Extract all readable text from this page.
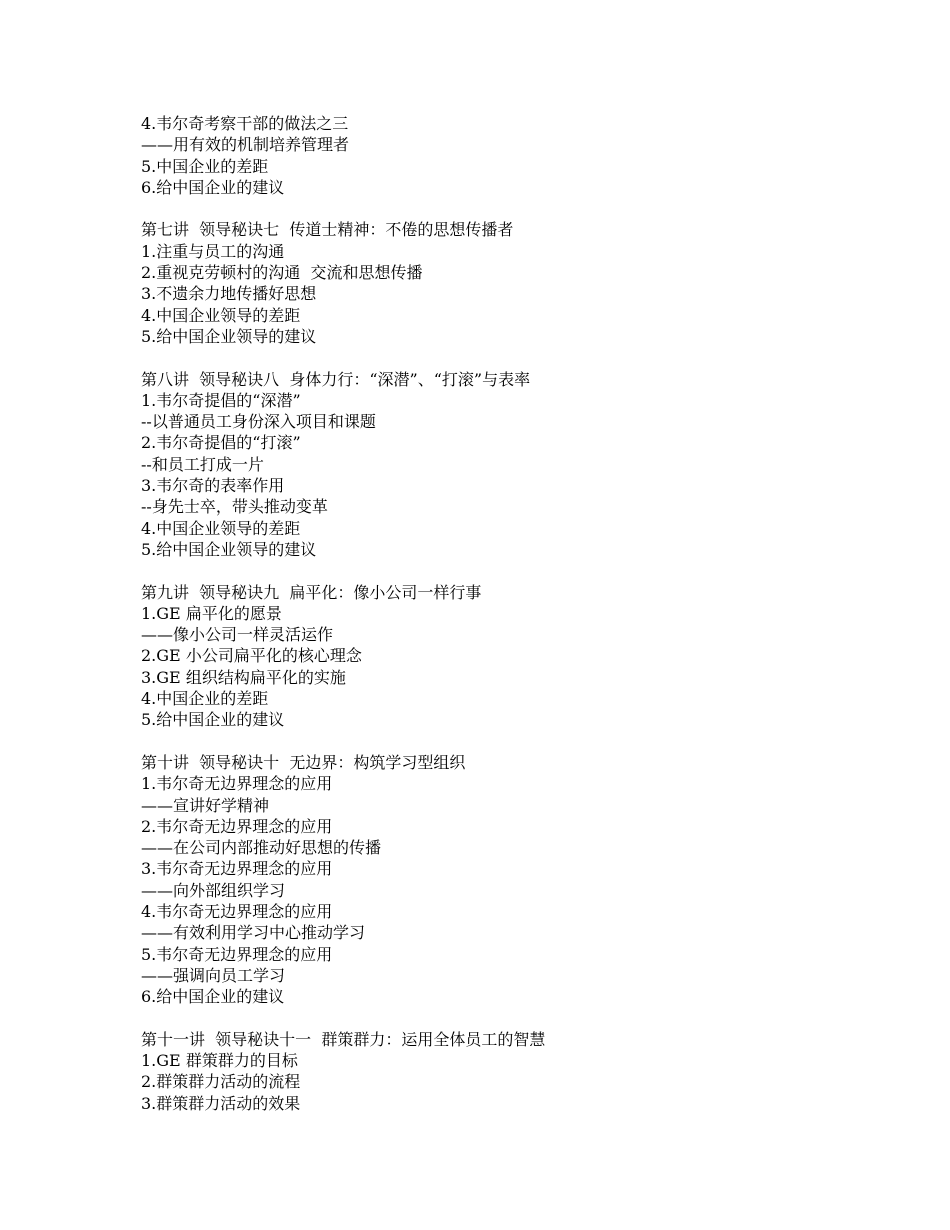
4.韦尔奇考察干部的做法之三
——用有效的机制培养管理者
5.中国企业的差距
6.给中国企业的建议
第七讲  领导秘诀七  传道士精神：不倦的思想传播者
1.注重与员工的沟通
2.重视克劳顿村的沟通  交流和思想传播
3.不遗余力地传播好思想
4.中国企业领导的差距
5.给中国企业领导的建议
第八讲  领导秘诀八  身体力行：“深潜”、“打滚”与表率
1.韦尔奇提倡的“深潜”
--以普通员工身份深入项目和课题
2.韦尔奇提倡的“打滚”
--和员工打成一片
3.韦尔奇的表率作用
--身先士卒，带头推动变革
4.中国企业领导的差距
5.给中国企业领导的建议
第九讲  领导秘诀九  扁平化：像小公司一样行事
1.GE 扁平化的愿景
——像小公司一样灵活运作
2.GE 小公司扁平化的核心理念
3.GE 组织结构扁平化的实施
4.中国企业的差距
5.给中国企业的建议
第十讲  领导秘诀十  无边界：构筑学习型组织
1.韦尔奇无边界理念的应用
——宣讲好学精神
2.韦尔奇无边界理念的应用
——在公司内部推动好思想的传播
3.韦尔奇无边界理念的应用
——向外部组织学习
4.韦尔奇无边界理念的应用
——有效利用学习中心推动学习
5.韦尔奇无边界理念的应用
——强调向员工学习
6.给中国企业的建议
第十一讲  领导秘诀十一  群策群力：运用全体员工的智慧
1.GE 群策群力的目标
2.群策群力活动的流程
3.群策群力活动的效果
